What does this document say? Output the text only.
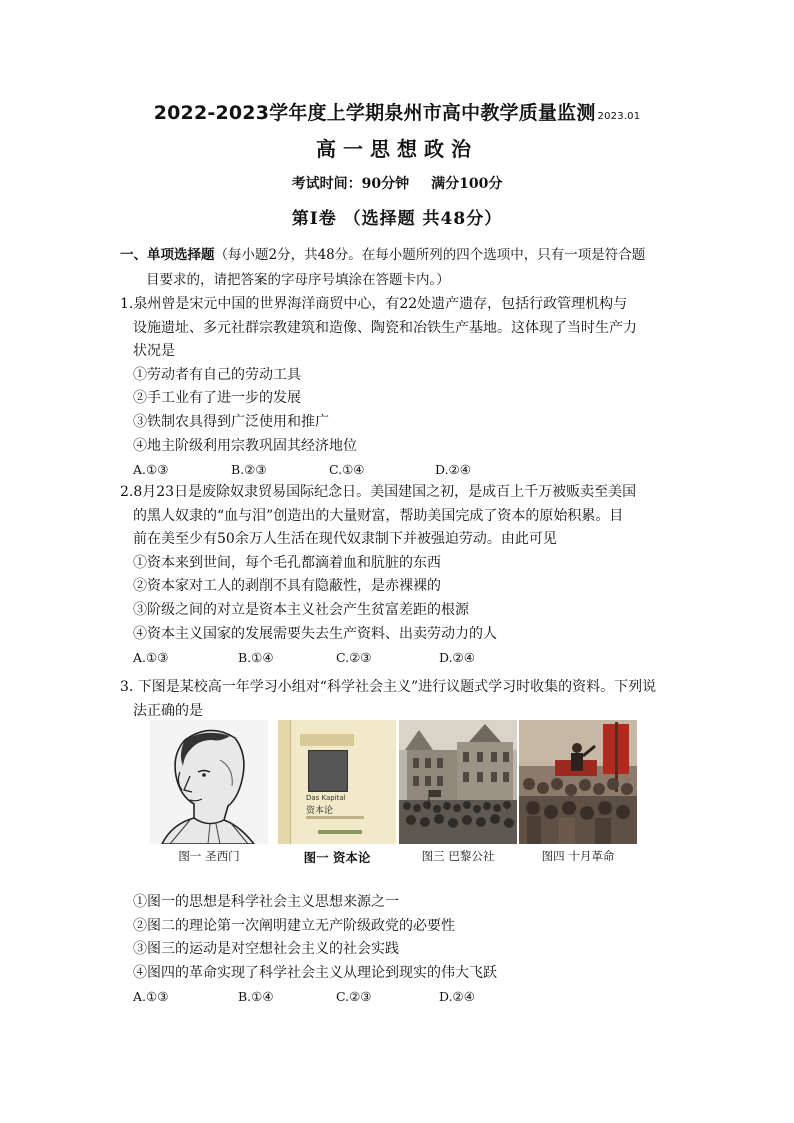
2022-2023学年度上学期泉州市高中教学质量监测 2023.01
高一思想政治
考试时间：90分钟 满分100分
第Ⅰ卷 （选择题 共48分）
一、单项选择题（每小题2分，共48分。在每小题所列的四个选项中，只有一项是符合题
目要求的，请把答案的字母序号填涂在答题卡内。）
1.泉州曾是宋元中国的世界海洋商贸中心，有22处遗产遗存，包括行政管理机构与
设施遗址、多元社群宗教建筑和造像、陶瓷和冶铁生产基地。这体现了当时生产力
状况是
①劳动者有自己的劳动工具
②手工业有了进一步的发展
③铁制农具得到广泛使用和推广
④地主阶级利用宗教巩固其经济地位
A.①③	B.②③	C.①④	D.②④
2.8月23日是废除奴隶贸易国际纪念日。美国建国之初，是成百上千万被贩卖至美国
的黑人奴隶的“血与泪”创造出的大量财富，帮助美国完成了资本的原始积累。目
前在美至少有50余万人生活在现代奴隶制下并被强迫劳动。由此可见
①资本来到世间，每个毛孔都滴着血和肮脏的东西
②资本家对工人的剥削不具有隐蔽性，是赤裸裸的
③阶级之间的对立是资本主义社会产生贫富差距的根源
④资本主义国家的发展需要失去生产资料、出卖劳动力的人
A.①③	B.①④	C.②③	D.②④
3. 下图是某校高一年学习小组对“科学社会主义”进行议题式学习时收集的资料。下列说
法正确的是
图一 圣西门
Das Kapital
资本论
图一 资本论	图三 巴黎公社	图四 十月革命
①图一的思想是科学社会主义思想来源之一
②图二的理论第一次阐明建立无产阶级政党的必要性
③图三的运动是对空想社会主义的社会实践
④图四的革命实现了科学社会主义从理论到现实的伟大飞跃
A.①③	B.①④	C.②③	D.②④
